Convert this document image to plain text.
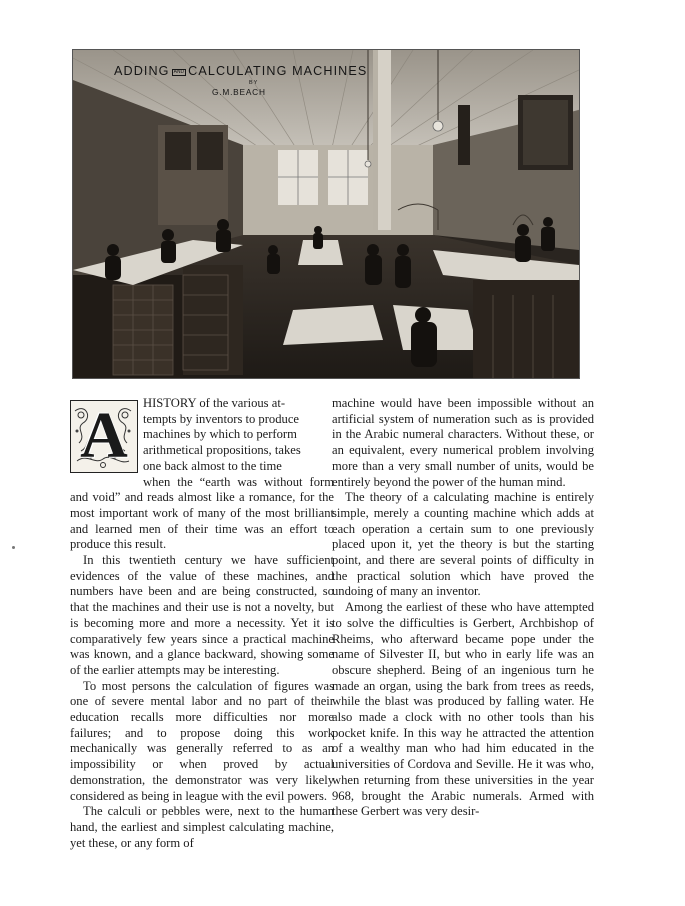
ADDING AND CALCULATING MACHINES
BY
G.M.BEACH
A	HISTORY of the various at-
tempts by inventors to produce
machines by which to perform
arithmetical propositions, takes
one back almost to the time

when the “earth was without form and void” and reads almost like a romance, for the most important work of many of the most brilliant and learned men of their time was an effort to produce this result.

In this twentieth century we have sufficient evidences of the value of these machines, and numbers have been and are being constructed, so that the machines and their use is not a novelty, but is becoming more and more a necessity. Yet it is comparatively few years since a practical machine was known, and a glance backward, showing some of the earlier attempts may be interesting.

To most persons the calculation of figures was one of severe mental labor and no part of their education recalls more difficulties nor more failures; and to propose doing this work mechanically was generally referred to as an impossibility or when proved by actual demonstration, the demonstrator was very likely considered as being in league with the evil powers.

The calculi or pebbles were, next to the human hand, the earliest and simplest calculating machine, yet these, or any form of

machine would have been impossible without an artificial system of numeration such as is provided in the Arabic numeral characters. Without these, or an equivalent, every numerical problem involving more than a very small number of units, would be entirely beyond the power of the human mind.

The theory of a calculating machine is entirely simple, merely a counting machine which adds at each operation a certain sum to one previously placed upon it, yet the theory is but the starting point, and there are several points of difficulty in the practical solution which have proved the undoing of many an inventor.

Among the earliest of these who have attempted to solve the difficulties is Gerbert, Archbishop of Rheims, who afterward became pope under the name of Silvester II, but who in early life was an obscure shepherd. Being of an ingenious turn he made an organ, using the bark from trees as reeds, while the blast was produced by falling water. He also made a clock with no other tools than his pocket knife. In this way he attracted the attention of a wealthy man who had him educated in the universities of Cordova and Seville. He it was who, when returning from these universities in the year 968, brought the Arabic numerals. Armed with these Gerbert was very desir-
